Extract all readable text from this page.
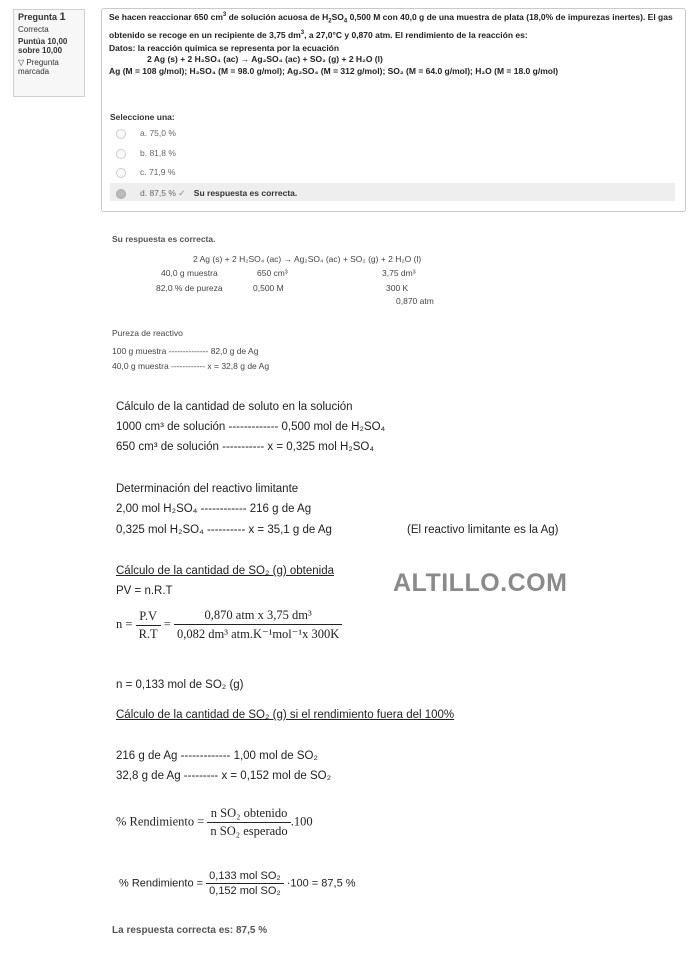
Pregunta 1
Correcta
Puntúa 10,00
sobre 10,00
▽ Pregunta marcada

Se hacen reaccionar 650 $cm^3$ de solución acuosa de $H_2SO_4$ 0,500 M con 40,0 g de una muestra de plata (18,0% de impurezas inertes). El gas obtenido se recoge en un recipiente de 3,75 $dm^3$, a 27,0°C y 0,870 atm. El rendimiento de la reacción es:

Datos: la reacción química se representa por la ecuación

2 Ag (s) + 2 H₂SO₄ (ac) → Ag₂SO₄ (ac) + SO₂ (g) + 2 H₂O (l)

Ag (M = 108 g/mol); H₂SO₄ (M = 98.0 g/mol); Ag₂SO₄ (M = 312 g/mol); SO₂ (M = 64.0 g/mol); H₂O (M = 18.0 g/mol)

Seleccione una:
a. 75,0 %
b. 81,8 %
c. 71,9 %
d. 87,5 % ✓ Su respuesta es correcta.
Su respuesta es correcta.
2 Ag (s) + 2 H₂SO₄ (ac) → Ag₂SO₄ (ac) + SO₂ (g) + 2 H₂O (l)
40,0 g muestra
82,0 % de pureza
650 cm³
0,500 M
3,75 dm³
300 K
0,870 atm
Pureza de reactivo
100 g muestra -------------- 82,0 g de Ag
40,0 g muestra ------------ x = 32,8 g de Ag
Cálculo de la cantidad de soluto en la solución
1000 cm³ de solución ------------- 0,500 mol de H₂SO₄
650 cm³ de solución ----------- x = 0,325 mol H₂SO₄
Determinación del reactivo limitante
2,00 mol H₂SO₄ ------------ 216 g de Ag
0,325 mol H₂SO₄ ---------- x = 35,1 g de Ag	(El reactivo limitante es la Ag)
Cálculo de la cantidad de SO₂ (g) obtenida
PV = n.R.T
$n = \frac{P.V}{R.T} = \frac{\text{0,870 atm x 3,75 dm³}}{\text{0,082 dm³ atm.K⁻¹mol⁻¹x 300K}}$
n = 0,133 mol de SO₂ (g)
Cálculo de la cantidad de SO₂ (g) si el rendimiento fuera del 100%
216 g de Ag ------------- 1,00 mol de SO₂
32,8 g de Ag --------- x = 0,152 mol de SO₂
% Rendimiento = $\frac{\text{n SO₂ obtenido}}{\text{n SO₂ esperado}} .100$
% Rendimiento = $\frac{\text{0,133 mol SO₂}}{\text{0,152 mol SO₂}} \cdot 100 = 87,5$ %
La respuesta correcta es: 87,5 %
ALTILLO.COM
